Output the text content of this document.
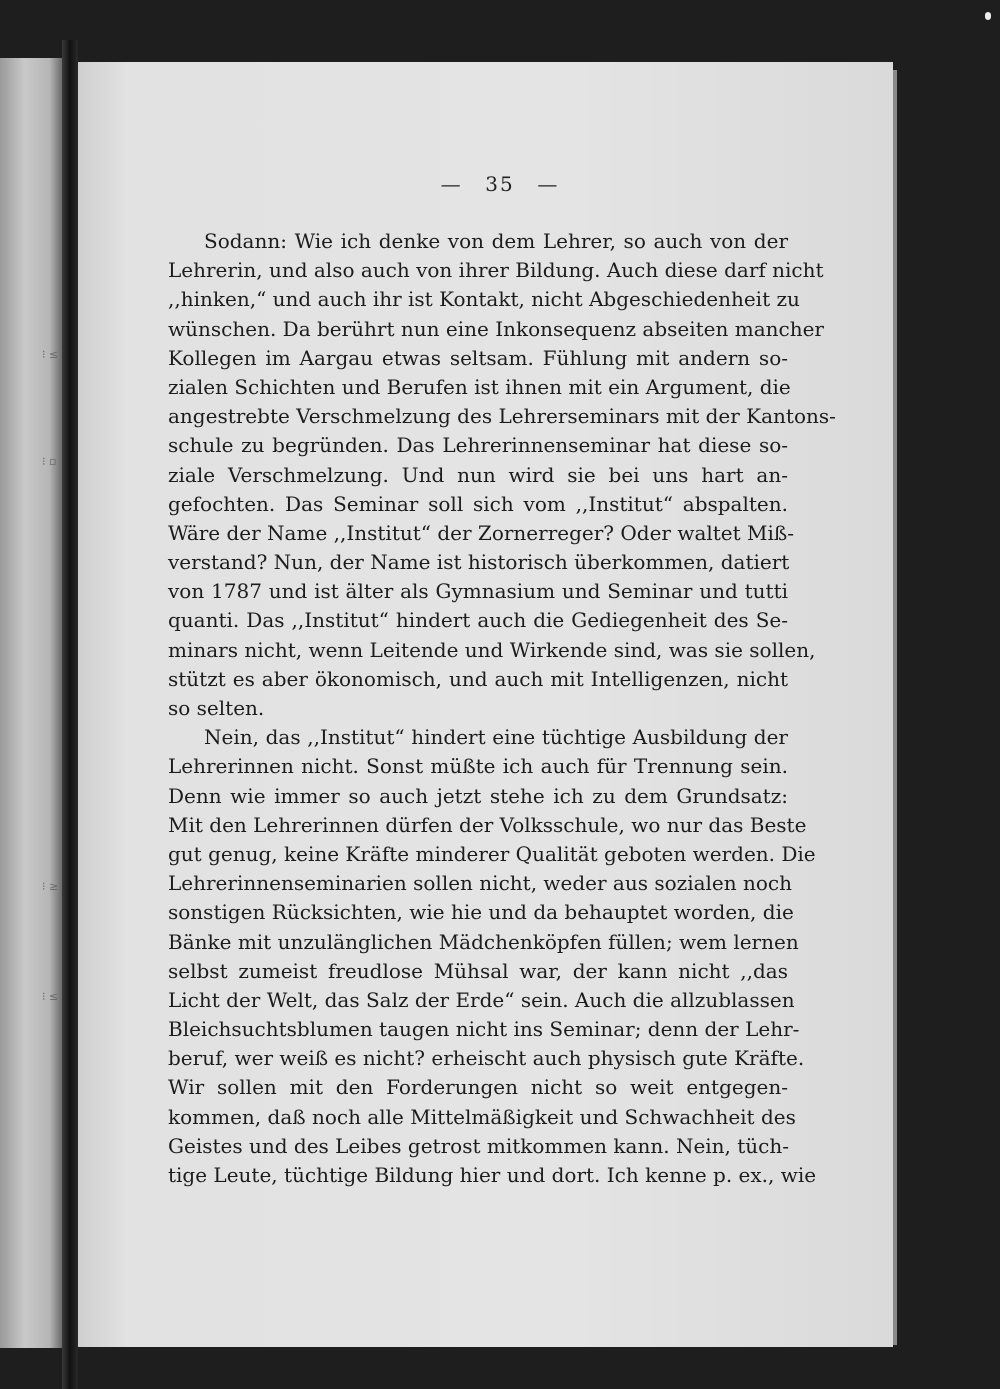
⁝ ≤
⁝ ▫
⁝ ≥
⁝ ≤
— 35 —
Sodann: Wie ich denke von dem Lehrer, so auch von der
Lehrerin, und also auch von ihrer Bildung. Auch diese darf nicht
,,hinken,“ und auch ihr ist Kontakt, nicht Abgeschiedenheit zu
wünschen. Da berührt nun eine Inkonsequenz abseiten mancher
Kollegen im Aargau etwas seltsam. Fühlung mit andern so-
zialen Schichten und Berufen ist ihnen mit ein Argument, die
angestrebte Verschmelzung des Lehrerseminars mit der Kantons-
schule zu begründen. Das Lehrerinnenseminar hat diese so-
ziale Verschmelzung. Und nun wird sie bei uns hart an-
gefochten. Das Seminar soll sich vom ,,Institut“ abspalten.
Wäre der Name ,,Institut“ der Zornerreger? Oder waltet Miß-
verstand? Nun, der Name ist historisch überkommen, datiert
von 1787 und ist älter als Gymnasium und Seminar und tutti
quanti. Das ,,Institut“ hindert auch die Gediegenheit des Se-
minars nicht, wenn Leitende und Wirkende sind, was sie sollen,
stützt es aber ökonomisch, und auch mit Intelligenzen, nicht
so selten.
Nein, das ,,Institut“ hindert eine tüchtige Ausbildung der
Lehrerinnen nicht. Sonst müßte ich auch für Trennung sein.
Denn wie immer so auch jetzt stehe ich zu dem Grundsatz:
Mit den Lehrerinnen dürfen der Volksschule, wo nur das Beste
gut genug, keine Kräfte minderer Qualität geboten werden. Die
Lehrerinnenseminarien sollen nicht, weder aus sozialen noch
sonstigen Rücksichten, wie hie und da behauptet worden, die
Bänke mit unzulänglichen Mädchenköpfen füllen; wem lernen
selbst zumeist freudlose Mühsal war, der kann nicht ,,das
Licht der Welt, das Salz der Erde“ sein. Auch die allzublassen
Bleichsuchtsblumen taugen nicht ins Seminar; denn der Lehr-
beruf, wer weiß es nicht? erheischt auch physisch gute Kräfte.
Wir sollen mit den Forderungen nicht so weit entgegen-
kommen, daß noch alle Mittelmäßigkeit und Schwachheit des
Geistes und des Leibes getrost mitkommen kann. Nein, tüch-
tige Leute, tüchtige Bildung hier und dort. Ich kenne p. ex., wie
